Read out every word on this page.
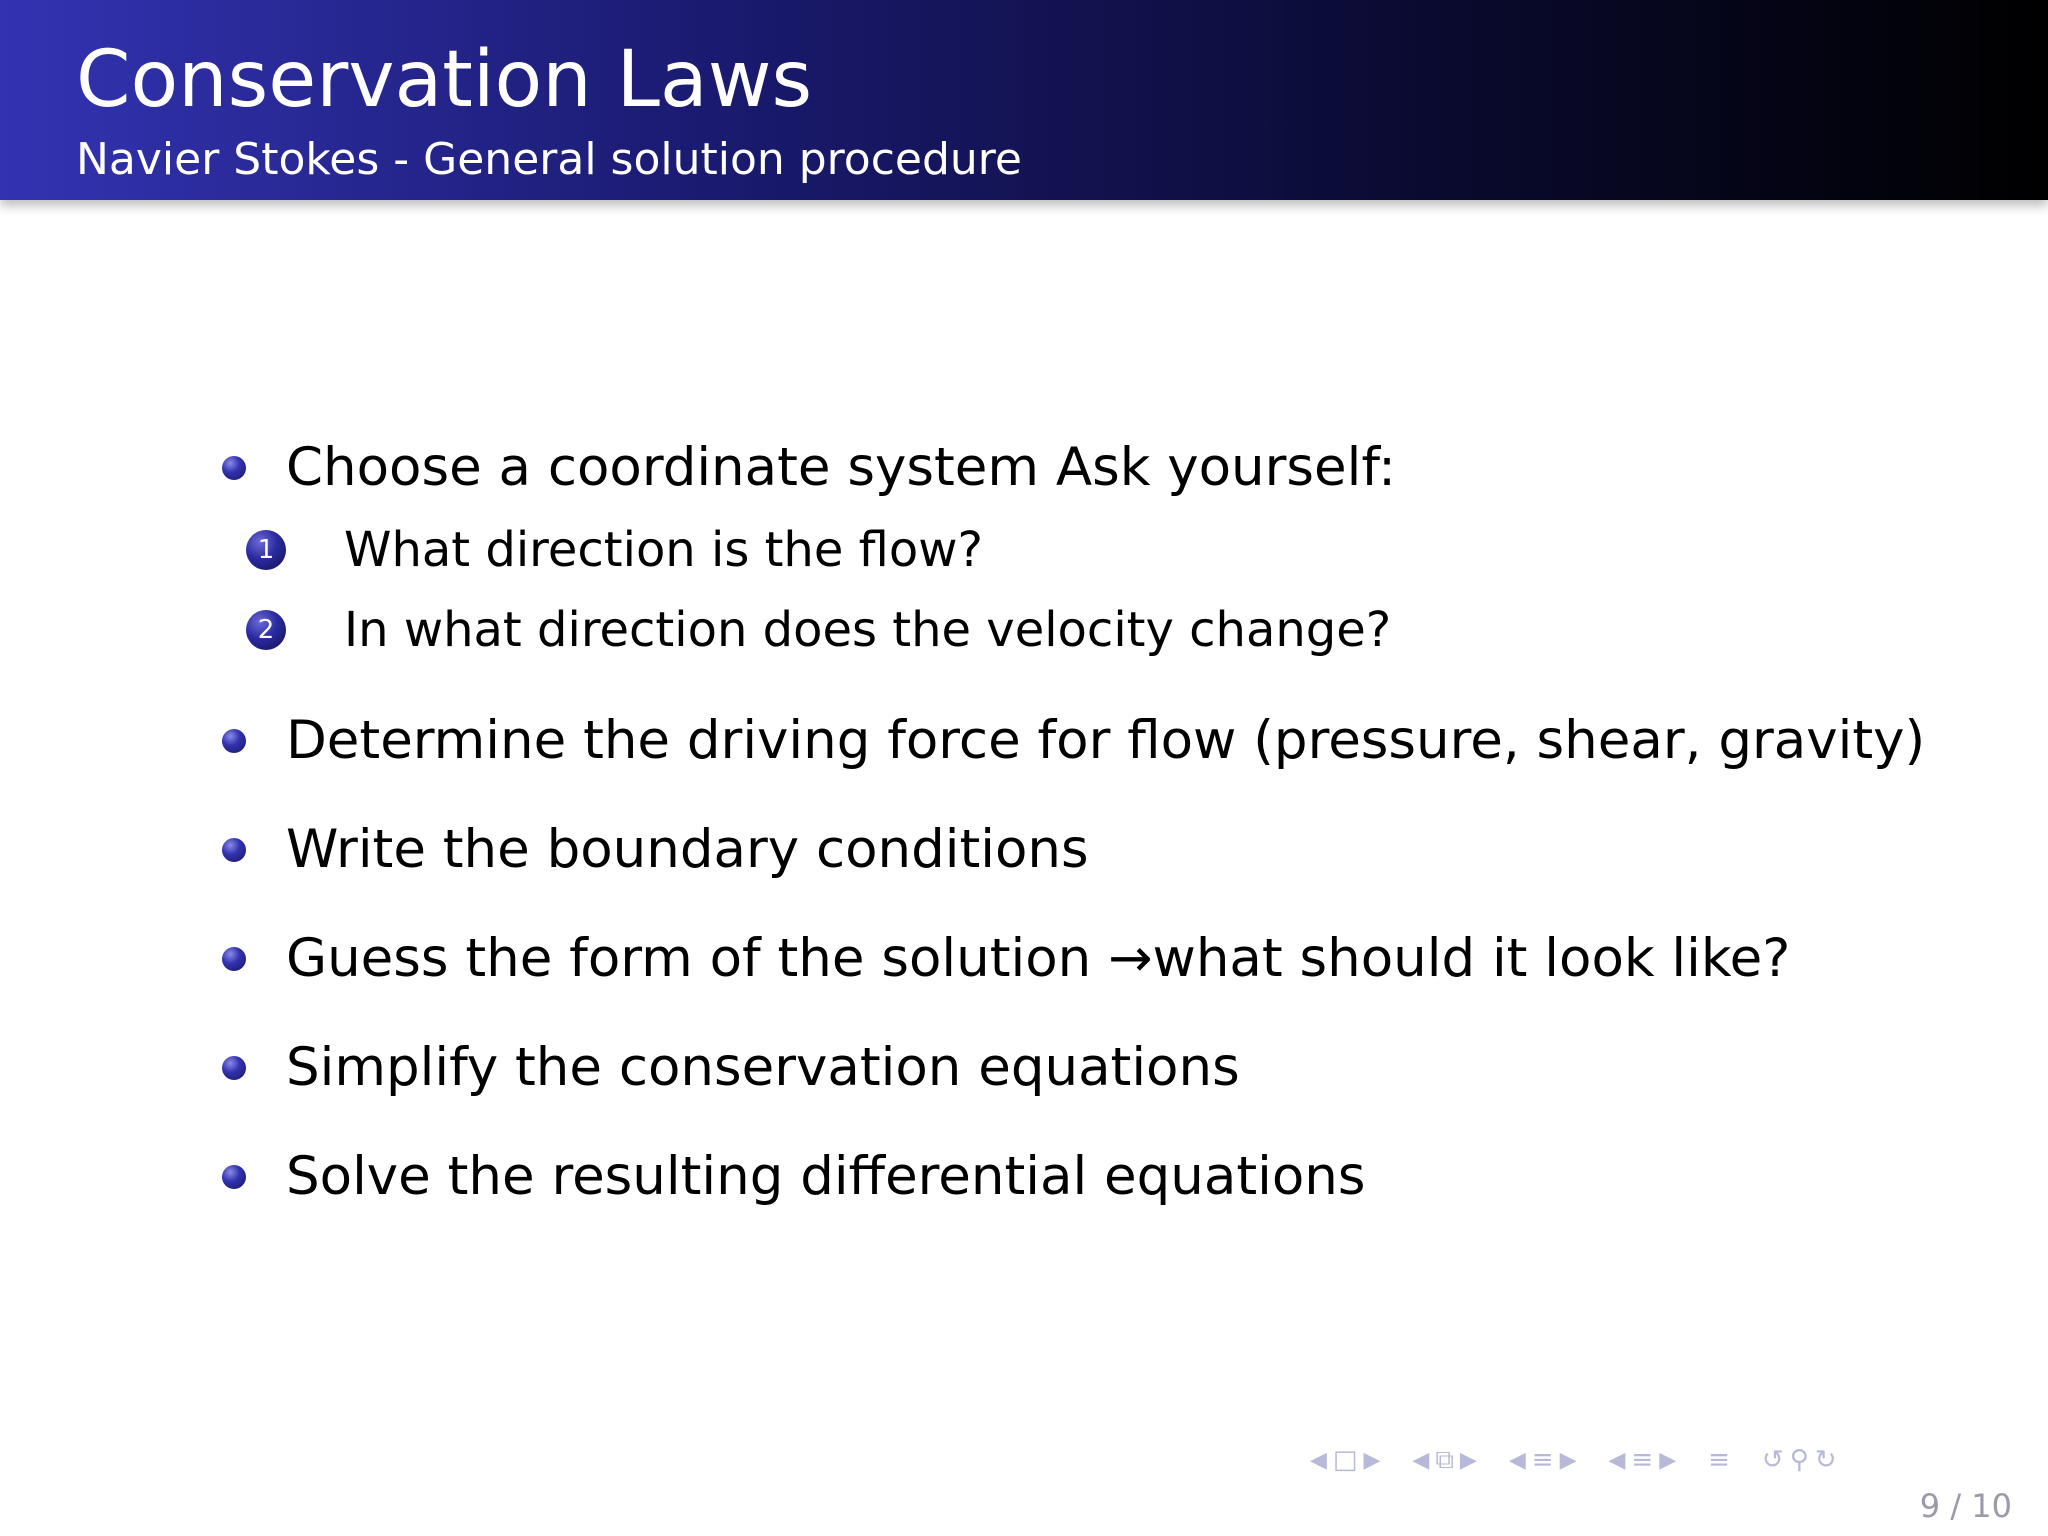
Conservation Laws
Navier Stokes - General solution procedure
Choose a coordinate system Ask yourself:
1 What direction is the flow?
2 In what direction does the velocity change?
Determine the driving force for flow (pressure, shear, gravity)
Write the boundary conditions
Guess the form of the solution →what should it look like?
Simplify the conservation equations
Solve the resulting differential equations
◀ □ ▶ ◀ ⧉ ▶ ◀ ≡ ▶ ◀ ≡ ▶ ≡ ↺ ⚲ ↻
9 / 10
